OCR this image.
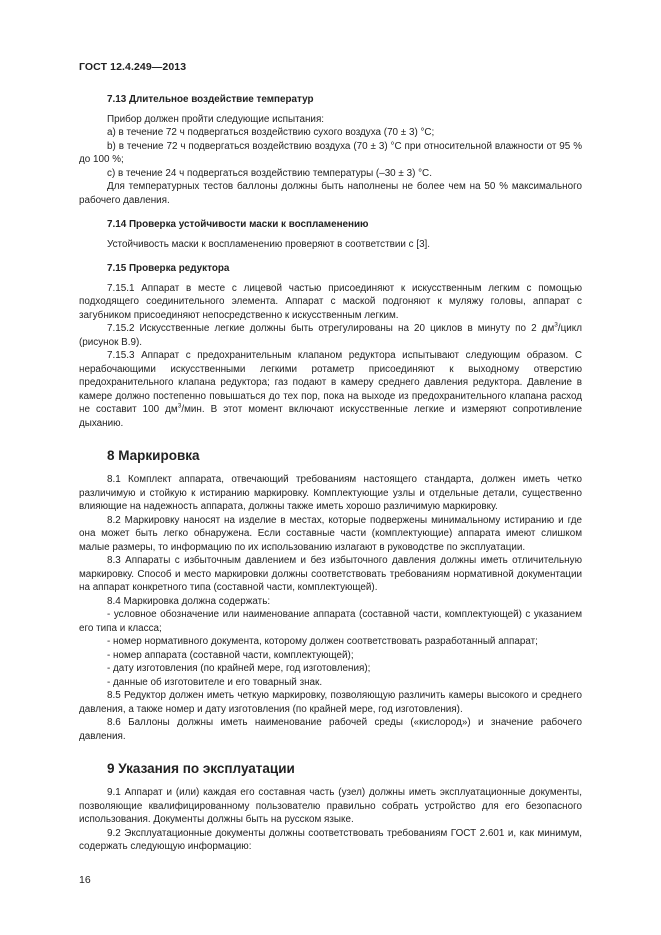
ГОСТ 12.4.249—2013

7.13 Длительное воздействие температур

Прибор должен пройти следующие испытания:

a) в течение 72 ч подвергаться воздействию сухого воздуха (70 ± 3) °С;

b) в течение 72 ч подвергаться воздействию воздуха (70 ± 3) °С при относительной влажности от 95 % до 100 %;

c) в течение 24 ч подвергаться воздействию температуры (–30 ± 3) °С.

Для температурных тестов баллоны должны быть наполнены не более чем на 50 % максимального рабочего давления.

7.14 Проверка устойчивости маски к воспламенению

Устойчивость маски к воспламенению проверяют в соответствии с [3].

7.15 Проверка редуктора

7.15.1 Аппарат в месте с лицевой частью присоединяют к искусственным легким с помощью подходящего соединительного элемента. Аппарат с маской подгоняют к муляжу головы, аппарат с загубником присоединяют непосредственно к искусственным легким.

7.15.2 Искусственные легкие должны быть отрегулированы на 20 циклов в минуту по 2 $дм^3$/цикл (рисунок В.9).

7.15.3 Аппарат с предохранительным клапаном редуктора испытывают следующим образом. С нерабочающими искусственными легкими ротаметр присоединяют к выходному отверстию предохранительного клапана редуктора; газ подают в камеру среднего давления редуктора. Давление в камере должно постепенно повышаться до тех пор, пока на выходе из предохранительного клапана расход не составит 100 $дм^3$/мин. В этот момент включают искусственные легкие и измеряют сопротивление дыханию.

8 Маркировка

8.1 Комплект аппарата, отвечающий требованиям настоящего стандарта, должен иметь четко различимую и стойкую к истиранию маркировку. Комплектующие узлы и отдельные детали, существенно влияющие на надежность аппарата, должны также иметь хорошо различимую маркировку.

8.2 Маркировку наносят на изделие в местах, которые подвержены минимальному истиранию и где она может быть легко обнаружена. Если составные части (комплектующие) аппарата имеют слишком малые размеры, то информацию по их использованию излагают в руководстве по эксплуатации.

8.3 Аппараты с избыточным давлением и без избыточного давления должны иметь отличительную маркировку. Способ и место маркировки должны соответствовать требованиям нормативной документации на аппарат конкретного типа (составной части, комплектующей).

8.4 Маркировка должна содержать:

- условное обозначение или наименование аппарата (составной части, комплектующей) с указанием его типа и класса;

- номер нормативного документа, которому должен соответствовать разработанный аппарат;

- номер аппарата (составной части, комплектующей);

- дату изготовления (по крайней мере, год изготовления);

- данные об изготовителе и его товарный знак.

8.5 Редуктор должен иметь четкую маркировку, позволяющую различить камеры высокого и среднего давления, а также номер и дату изготовления (по крайней мере, год изготовления).

8.6 Баллоны должны иметь наименование рабочей среды («кислород») и значение рабочего давления.

9 Указания по эксплуатации

9.1 Аппарат и (или) каждая его составная часть (узел) должны иметь эксплуатационные документы, позволяющие квалифицированному пользователю правильно собрать устройство для его безопасного использования. Документы должны быть на русском языке.

9.2 Эксплуатационные документы должны соответствовать требованиям ГОСТ 2.601 и, как минимум, содержать следующую информацию:

16
